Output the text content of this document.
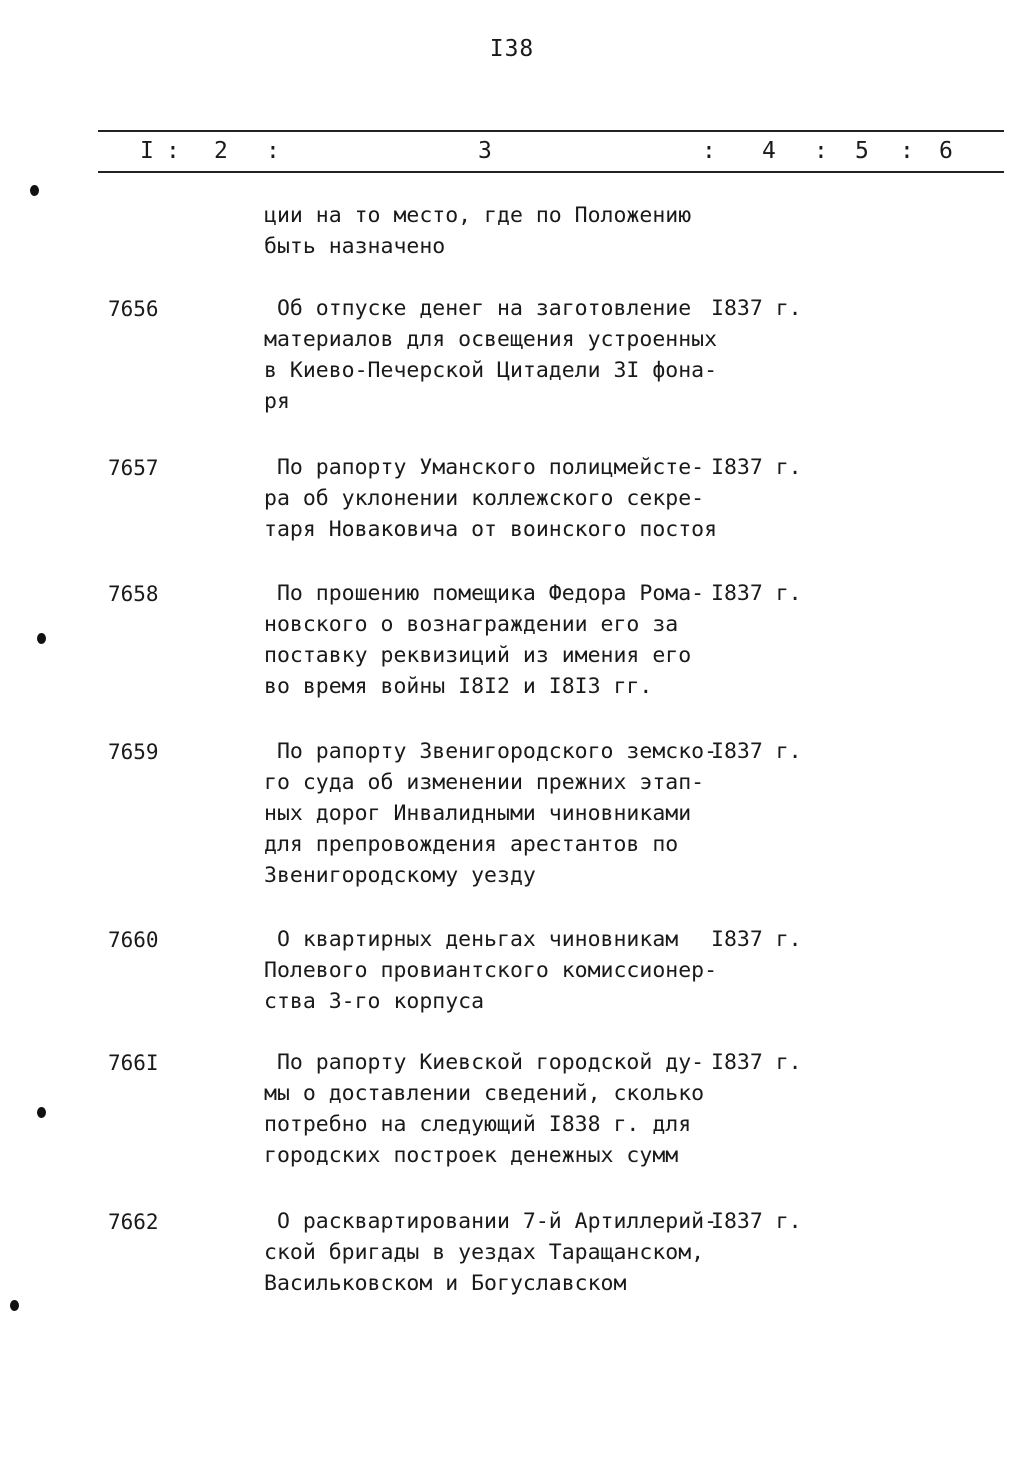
I38
I : 2 :	3	: 4 : 5 : 6
ции на то место, где по Положению
быть назначено
7656	Об отпуске денег на заготовление
материалов для освещения устроенных
в Киево-Печерской Цитадели 3I фона-
ря
I837 г.
7657	По рапорту Уманского полицмейсте-
ра об уклонении коллежского секре-
таря Новаковича от воинского постоя
I837 г.
7658	По прошению помещика Федора Рома-
новского о вознаграждении его за
поставку реквизиций из имения его
во время войны I8I2 и I8I3 гг.
I837 г.
7659	По рапорту Звенигородского земско-
го суда об изменении прежних этап-
ных дорог Инвалидными чиновниками
для препровождения арестантов по
Звенигородскому уезду
I837 г.
7660	О квартирных деньгах чиновникам
Полевого провиантского комиссионер-
ства 3-го корпуса
I837 г.
766I	По рапорту Киевской городской ду-
мы о доставлении сведений, сколько
потребно на следующий I838 г. для
городских построек денежных сумм
I837 г.
7662	О расквартировании 7-й Артиллерий-
ской бригады в уездах Таращанском,
Васильковском и Богуславском
I837 г.
